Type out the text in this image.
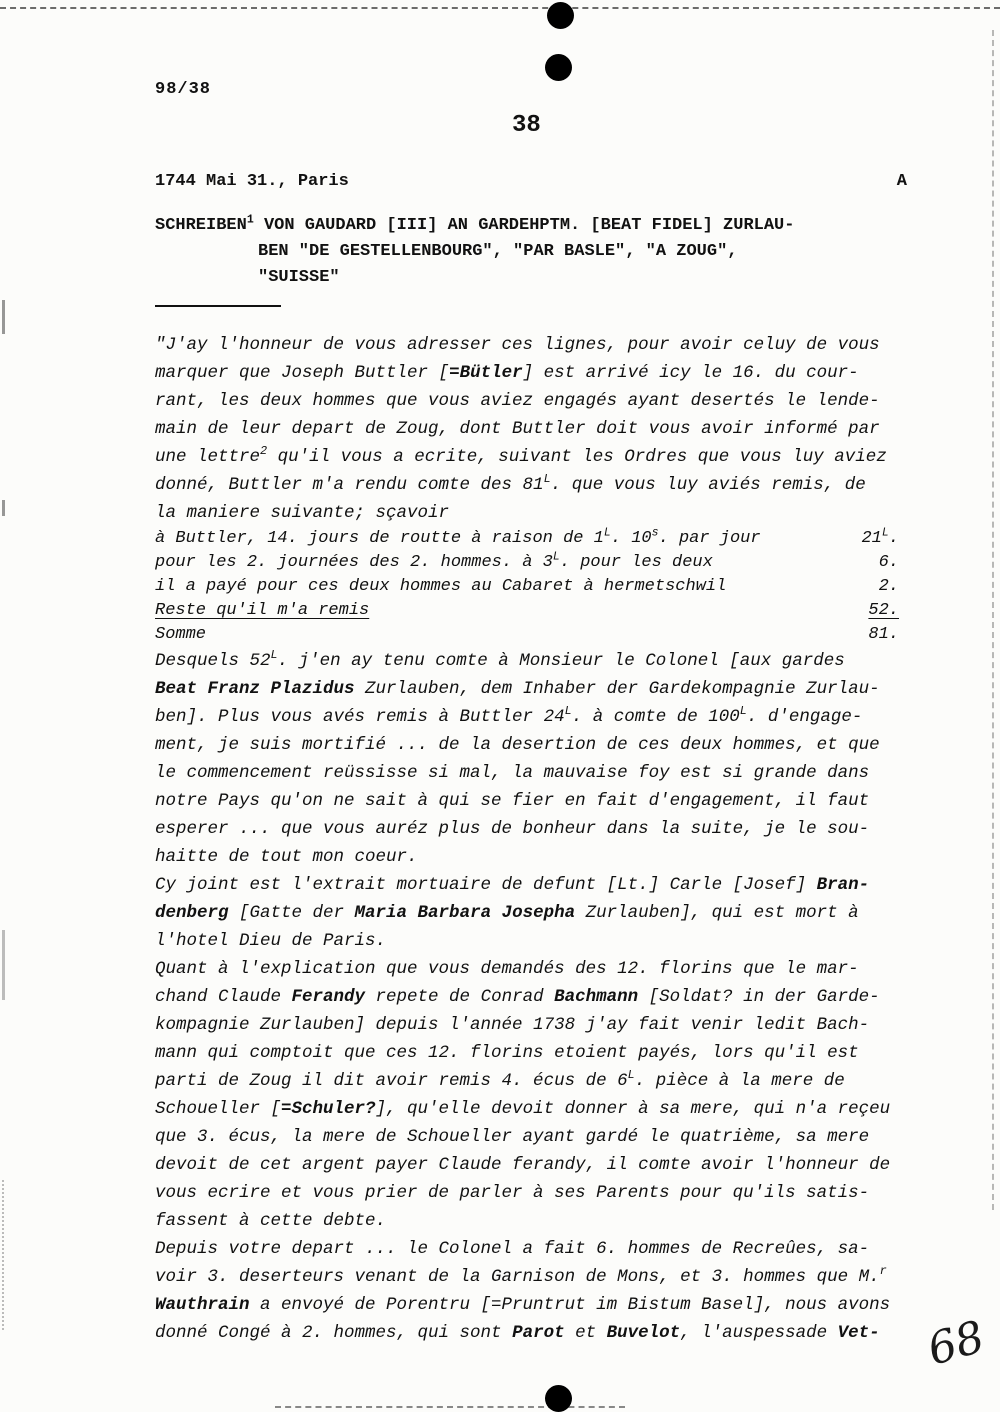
98/38
38
1744 Mai 31., Paris	A
SCHREIBEN$^1$ VON GAUDARD [III] AN GARDEHPTM. [BEAT FIDEL] ZURLAU-
BEN "DE GESTELLENBOURG", "PAR BASLE", "A ZOUG",
"SUISSE"
"J'ay l'honneur de vous adresser ces lignes, pour avoir celuy de vous
marquer que Joseph Buttler [=Bütler] est arrivé icy le 16. du cour-
rant, les deux hommes que vous aviez engagés ayant desertés le lende-
main de leur depart de Zoug, dont Buttler doit vous avoir informé par
une lettre$^2$ qu'il vous a ecrite, suivant les Ordres que vous luy aviez
donné, Buttler m'a rendu comte des $81^L$. que vous luy aviés remis, de
la maniere suivante; sçavoir
à Buttler, 14. jours de routte à raison de $1^L$. 10$^s$. par jour	$21^L$.
pour les 2. journées des 2. hommes. à $3^L$. pour les deux	6.
il a payé pour ces deux hommes au Cabaret à hermetschwil	2.
Reste qu'il m'a remis	52.
Somme	81.
Desquels $52^L$. j'en ay tenu comte à Monsieur le Colonel [aux gardes
Beat Franz Plazidus Zurlauben, dem Inhaber der Gardekompagnie Zurlau-
ben]. Plus vous avés remis à Buttler $24^L$. à comte de $100^L$. d'engage-
ment, je suis mortifié ... de la desertion de ces deux hommes, et que
le commencement reüssisse si mal, la mauvaise foy est si grande dans
notre Pays qu'on ne sait à qui se fier en fait d'engagement, il faut
esperer ... que vous auréz plus de bonheur dans la suite, je le sou-
haitte de tout mon coeur.
Cy joint est l'extrait mortuaire de defunt [Lt.] Carle [Josef] Bran-
denberg [Gatte der Maria Barbara Josepha Zurlauben], qui est mort à
l'hotel Dieu de Paris.
Quant à l'explication que vous demandés des 12. florins que le mar-
chand Claude Ferandy repete de Conrad Bachmann [Soldat? in der Garde-
kompagnie Zurlauben] depuis l'année 1738 j'ay fait venir ledit Bach-
mann qui comptoit que ces 12. florins etoient payés, lors qu'il est
parti de Zoug il dit avoir remis 4. écus de $6^L$. pièce à la mere de
Schoueller [=Schuler?], qu'elle devoit donner à sa mere, qui n'a reçeu
que 3. écus, la mere de Schoueller ayant gardé le quatrième, sa mere
devoit de cet argent payer Claude ferandy, il comte avoir l'honneur de
vous ecrire et vous prier de parler à ses Parents pour qu'ils satis-
fassent à cette debte.
Depuis votre depart ... le Colonel a fait 6. hommes de Recreûes, sa-
voir 3. deserteurs venant de la Garnison de Mons, et 3. hommes que M.$^r$
Wauthrain a envoyé de Porentru [=Pruntrut im Bistum Basel], nous avons
donné Congé à 2. hommes, qui sont Parot et Buvelot, l'auspessade Vet- 68
